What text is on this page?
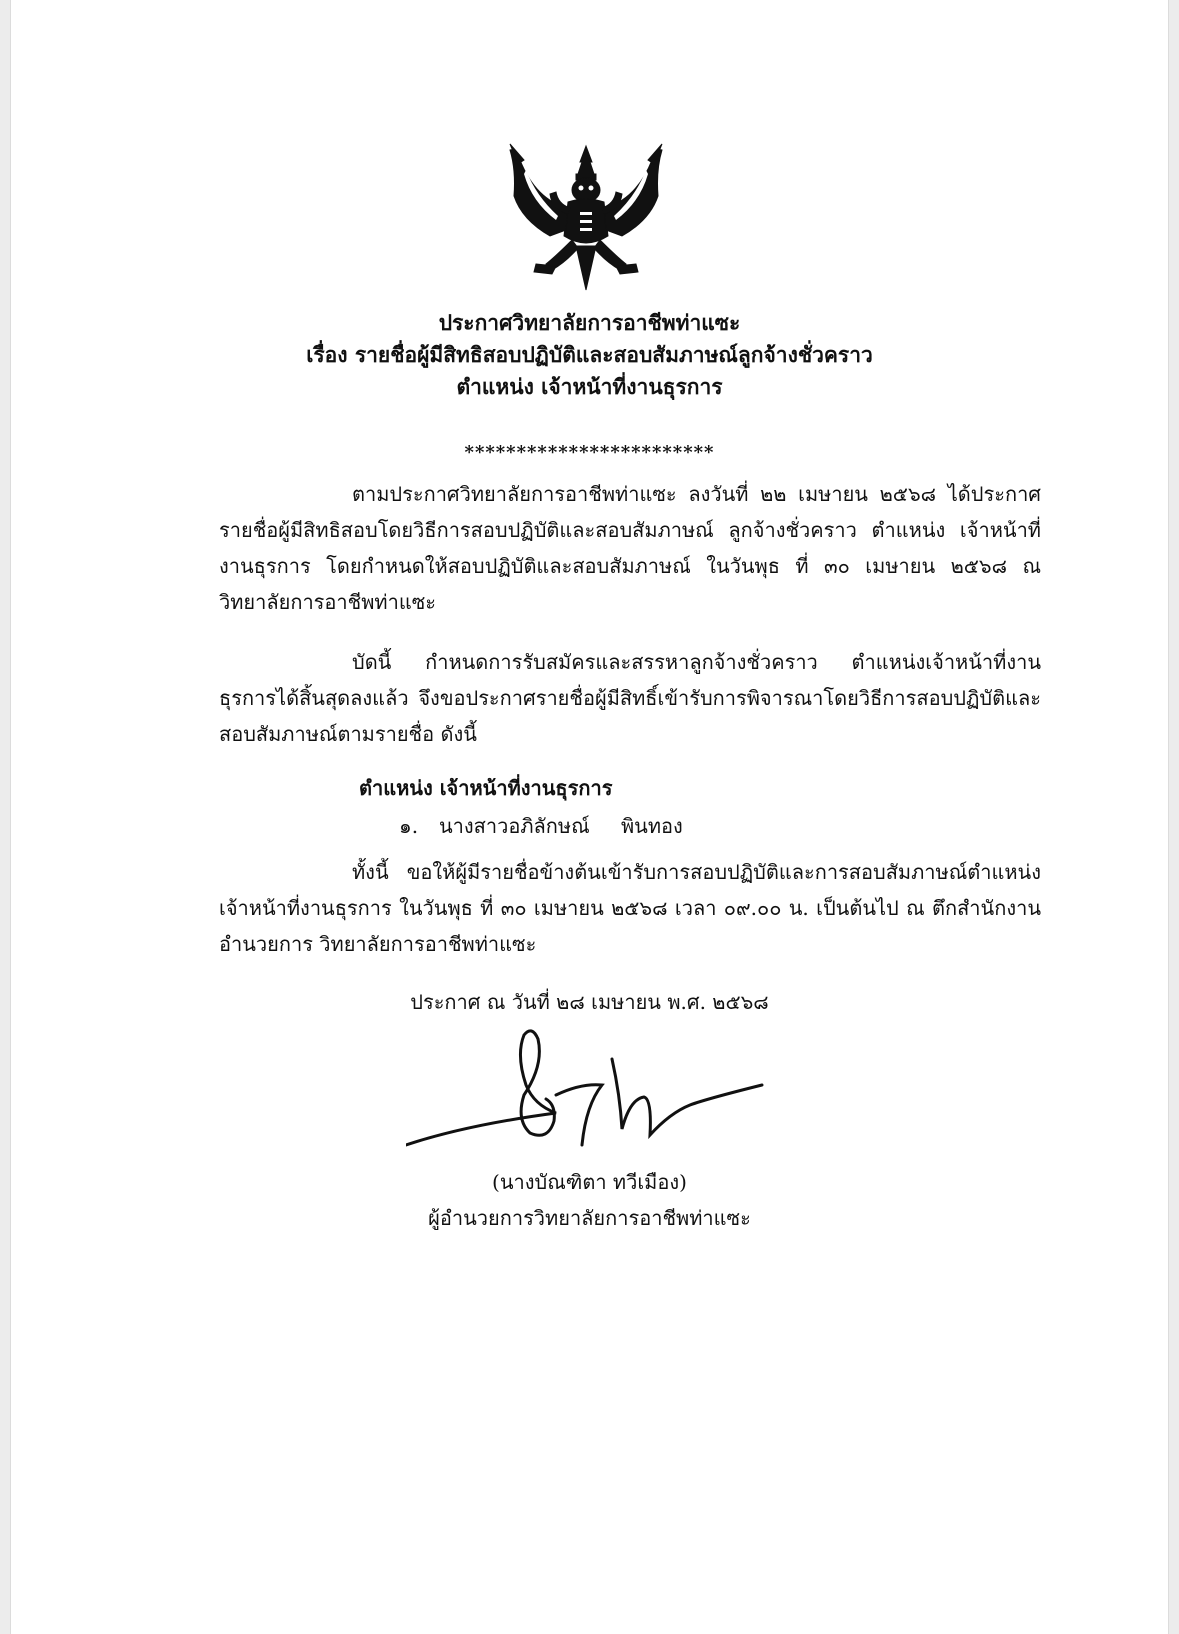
ประกาศวิทยาลัยการอาชีพท่าแซะ
เรื่อง รายชื่อผู้มีสิทธิสอบปฏิบัติและสอบสัมภาษณ์ลูกจ้างชั่วคราว
ตำแหน่ง เจ้าหน้าที่งานธุรการ
************************
ตามประกาศวิทยาลัยการอาชีพท่าแซะ ลงวันที่ ๒๒ เมษายน ๒๕๖๘ ได้ประกาศรายชื่อผู้มีสิทธิสอบโดยวิธีการสอบปฏิบัติและสอบสัมภาษณ์ ลูกจ้างชั่วคราว ตำแหน่ง เจ้าหน้าที่งานธุรการ โดยกำหนดให้สอบปฏิบัติและสอบสัมภาษณ์ ในวันพุธ ที่ ๓๐ เมษายน ๒๕๖๘ ณ วิทยาลัยการอาชีพท่าแซะ
บัดนี้ กำหนดการรับสมัครและสรรหาลูกจ้างชั่วคราว ตำแหน่งเจ้าหน้าที่งานธุรการได้สิ้นสุดลงแล้ว จึงขอประกาศรายชื่อผู้มีสิทธิ์เข้ารับการพิจารณาโดยวิธีการสอบปฏิบัติและสอบสัมภาษณ์ตามรายชื่อ ดังนี้
ตำแหน่ง เจ้าหน้าที่งานธุรการ
๑. นางสาวอภิลักษณ์ พินทอง
ทั้งนี้ ขอให้ผู้มีรายชื่อข้างต้นเข้ารับการสอบปฏิบัติและการสอบสัมภาษณ์ตำแหน่งเจ้าหน้าที่งานธุรการ ในวันพุธ ที่ ๓๐ เมษายน ๒๕๖๘ เวลา ๐๙.๐๐ น. เป็นต้นไป ณ ตึกสำนักงานอำนวยการ วิทยาลัยการอาชีพท่าแซะ
ประกาศ ณ วันที่ ๒๘ เมษายน พ.ศ. ๒๕๖๘
(นางบัณฑิตา ทวีเมือง)
ผู้อำนวยการวิทยาลัยการอาชีพท่าแซะ
